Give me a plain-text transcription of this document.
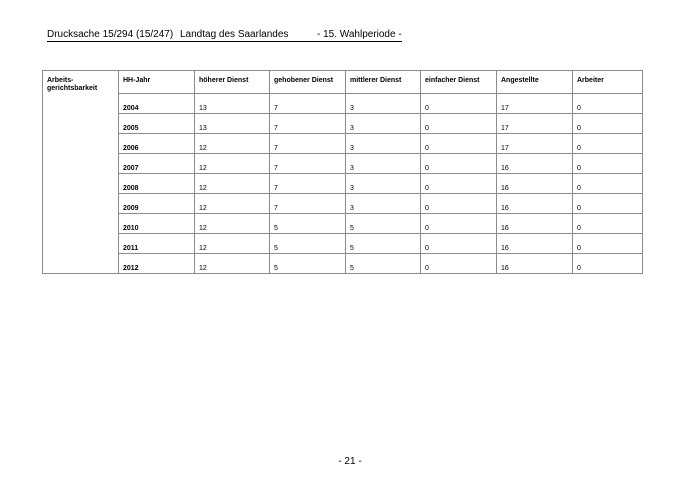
Drucksache 15/294 (15/247) Landtag des Saarlandes	- 15. Wahlperiode -
Arbeits-
gerichtsbarkeit	HH-Jahr	höherer Dienst	gehobener Dienst	mittlerer Dienst	einfacher Dienst	Angestellte	Arbeiter
	2004	13	7	3	0	17	0
	2005	13	7	3	0	17	0
	2006	12	7	3	0	17	0
	2007	12	7	3	0	16	0
	2008	12	7	3	0	16	0
	2009	12	7	3	0	16	0
	2010	12	5	5	0	16	0
	2011	12	5	5	0	16	0
	2012	12	5	5	0	16	0
- 21 -
